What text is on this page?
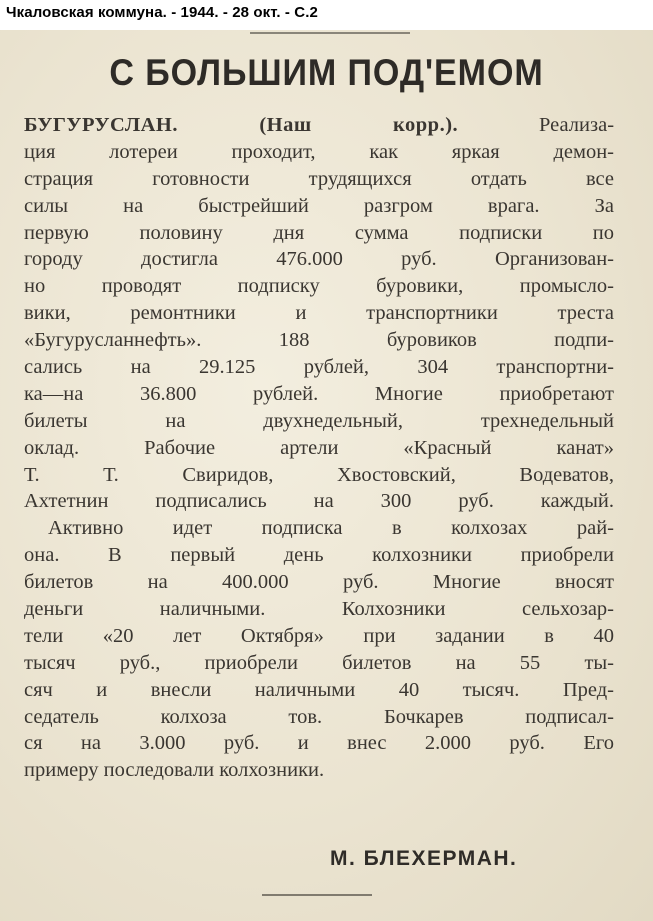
Чкаловская коммуна. - 1944. - 28 окт. - С.2
С БОЛЬШИМ ПОД'ЕМОМ
БУГУРУСЛАН. (Наш корр.).	Реализа-
ция лотереи проходит, как яркая демон-
страция готовности трудящихся отдать все
силы на быстрейший разгром врага. За
первую половину дня сумма подписки по
городу достигла 476.000 руб. Организован-
но проводят подписку буровики, промысло-
вики, ремонтники и транспортники треста
«Бугурусланнефть». 188 буровиков подпи-
сались на 29.125 рублей, 304 транспортни-
ка—на 36.800 рублей. Многие приобретают
билеты на двухнедельный, трехнедельный
оклад. Рабочие артели «Красный канат»
Т. Т. Свиридов, Хвостовский, Водеватов,
Ахтетнин подписались на 300 руб. каждый.
Активно идет подписка в колхозах рай-
она. В первый день колхозники приобрели
билетов на 400.000 руб. Многие вносят
деньги наличными. Колхозники сельхозар-
тели «20 лет Октября» при задании в 40
тысяч руб., приобрели билетов на 55 ты-
сяч и внесли наличными 40 тысяч. Пред-
седатель колхоза тов. Бочкарев подписал-
ся на 3.000 руб. и внес 2.000 руб. Его
примеру последовали колхозники.
М. БЛЕХЕРМАН.
